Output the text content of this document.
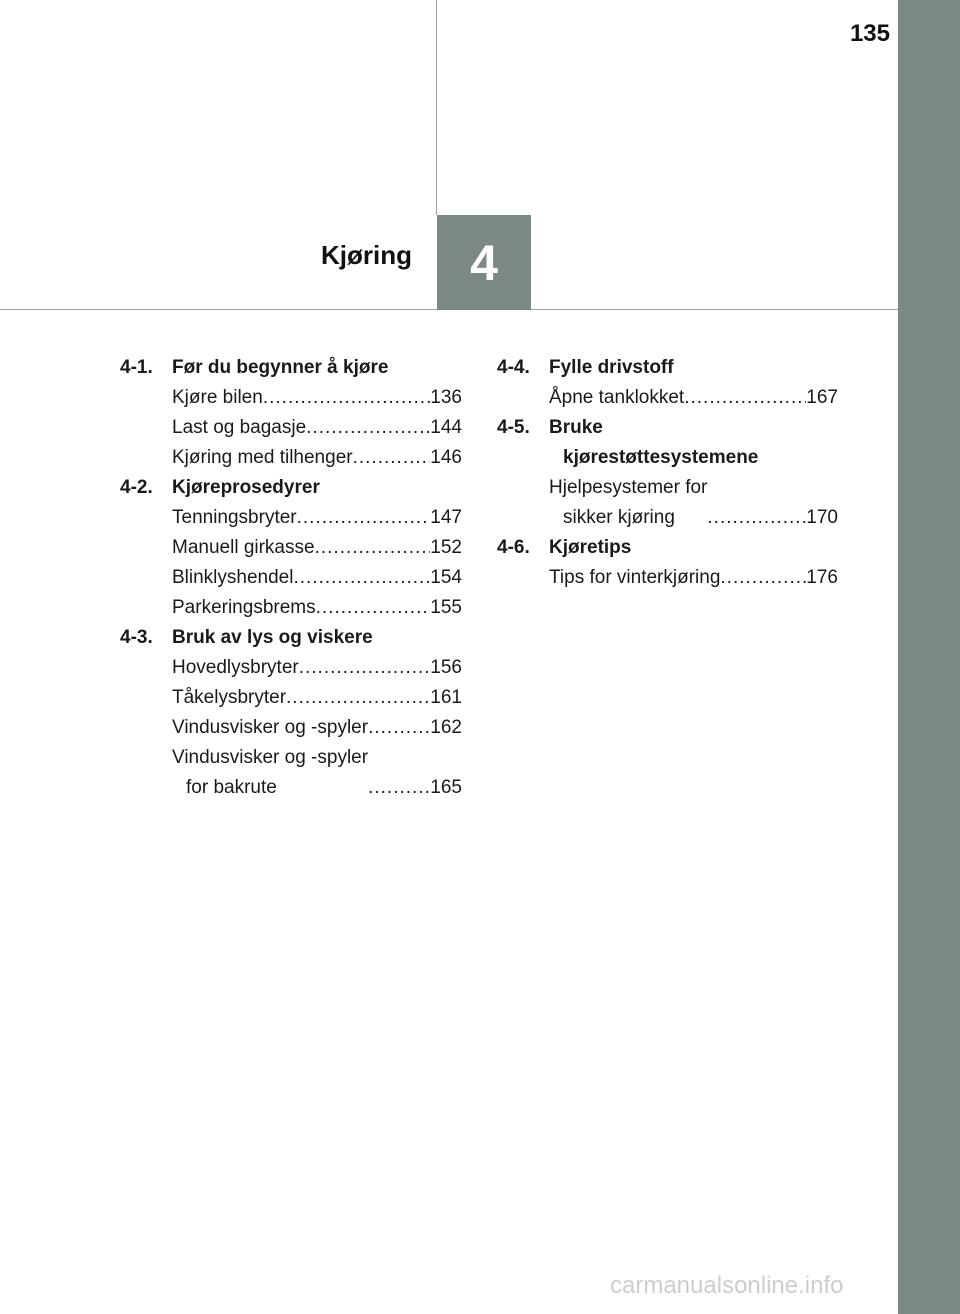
135
4
Kjøring
4-1.	Før du begynner å kjøre
Kjøre bilen .....	136
Last og bagasje .....	144
Kjøring med tilhenger .....	146
4-2.	Kjøreprosedyrer
Tenningsbryter .....	147
Manuell girkasse .....	152
Blinklyshendel .....	154
Parkeringsbrems .....	155
4-3.	Bruk av lys og viskere
Hovedlysbryter .....	156
Tåkelysbryter .....	161
Vindusvisker og -spyler .....	162
Vindusvisker og -spyler
for bakrute .....	165
4-4.	Fylle drivstoff
Åpne tanklokket .....	167
4-5.	Bruke
kjørestøttesystemene
Hjelpesystemer for
sikker kjøring .....	170
4-6.	Kjøretips
Tips for vinterkjøring .....	176
carmanualsonline.info
